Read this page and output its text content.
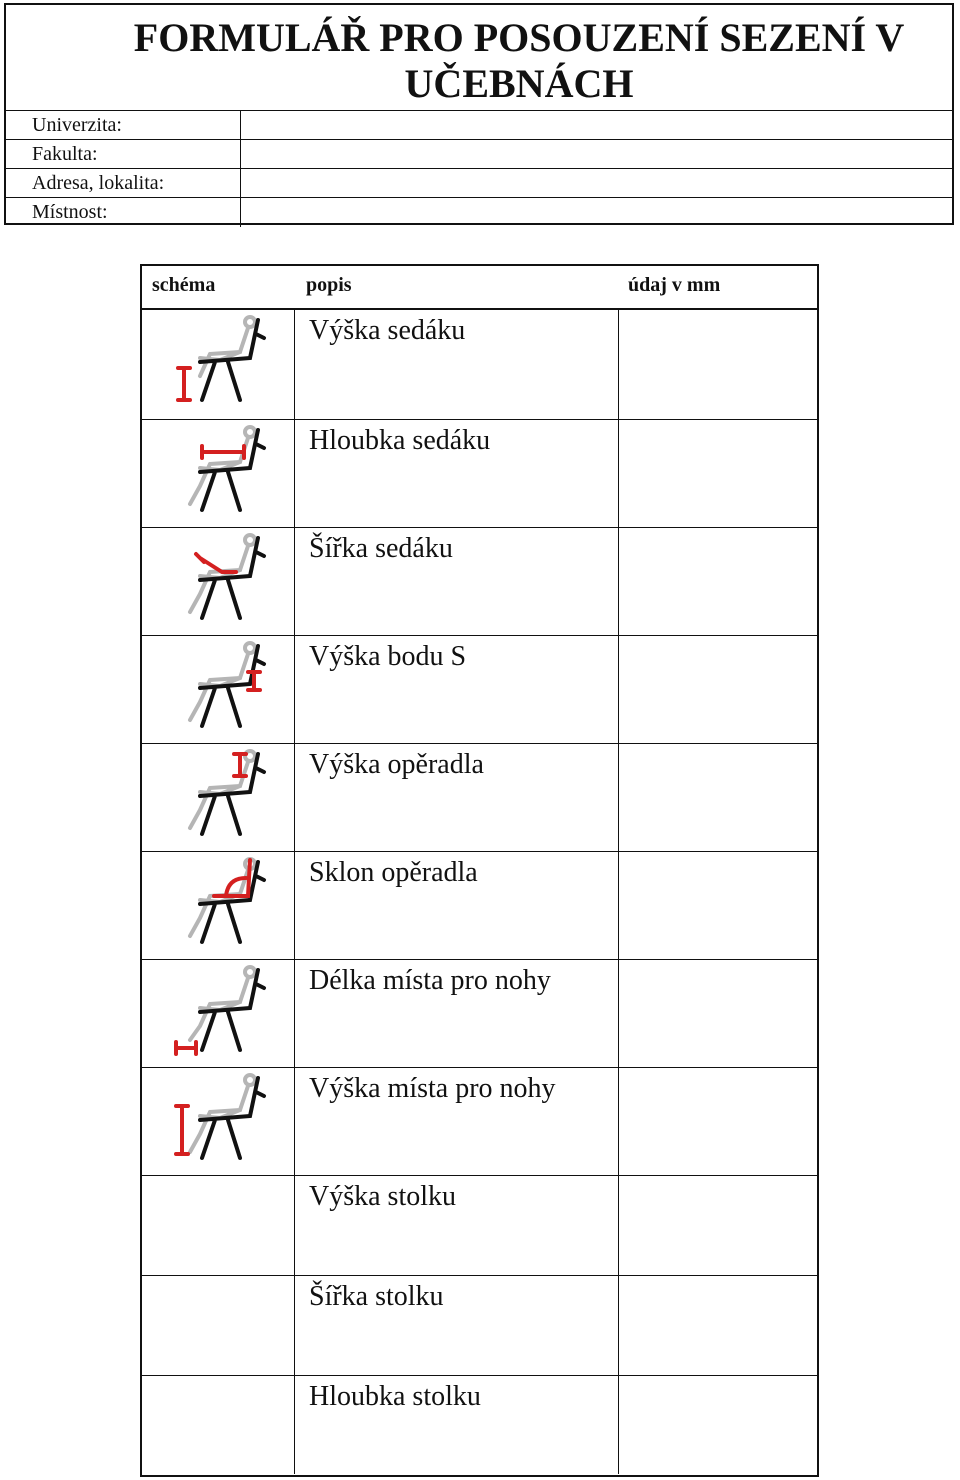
FORMULÁŘ PRO POSOUZENÍ SEZENÍ V
UČEBNÁCH
Univerzita:
Fakulta:
Adresa, lokalita:
Místnost:
schéma	popis	údaj v mm
Výška sedáku
Hloubka sedáku
Šířka sedáku
Výška bodu S
Výška opěradla
Sklon opěradla
Délka místa pro nohy
Výška místa pro nohy
Výška stolku
Šířka stolku
Hloubka stolku
